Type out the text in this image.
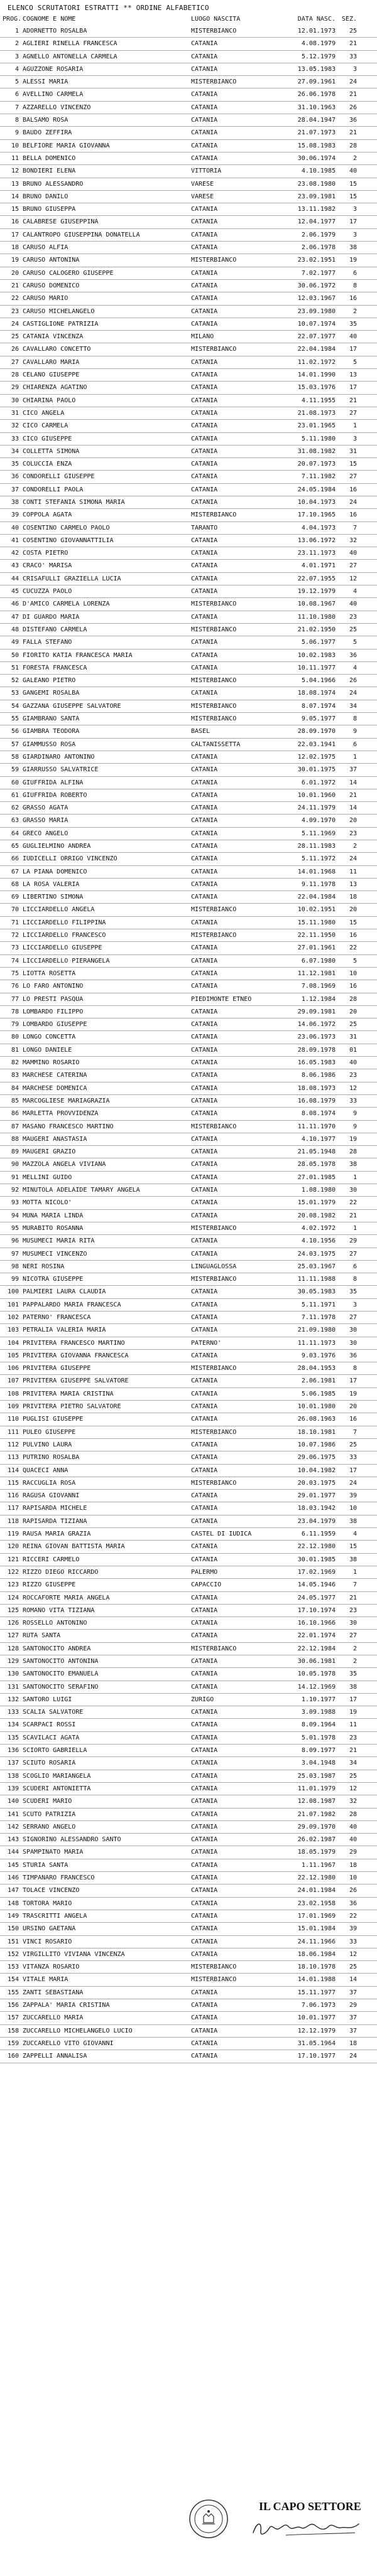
ELENCO SCRUTATORI ESTRATTI ** ORDINE ALFABETICO
PROG. COGNOME E NOME	LUOGO NASCITA	DATA NASC. SEZ.
1 ADORNETTO ROSALBA	MISTERBIANCO	12.01.1973	25
2 AGLIERI RINELLA FRANCESCA	CATANIA	4.08.1979	21
3 AGNELLO ANTONELLA CARMELA	CATANIA	5.12.1979	33
4 AGUZZONE ROSARIA	CATANIA	13.05.1983	3
5 ALESSI MARIA	MISTERBIANCO	27.09.1961	24
6 AVELLINO CARMELA	CATANIA	26.06.1978	21
7 AZZARELLO VINCENZO	CATANIA	31.10.1963	26
8 BALSAMO ROSA	CATANIA	28.04.1947	36
9 BAUDO ZEFFIRA	CATANIA	21.07.1973	21
10 BELFIORE MARIA GIOVANNA	CATANIA	15.08.1983	28
11 BELLA DOMENICO	CATANIA	30.06.1974	2
12 BONDIERI ELENA	VITTORIA	4.10.1985	40
13 BRUNO ALESSANDRO	VARESE	23.08.1980	15
14 BRUNO DANILO	VARESE	23.09.1981	15
15 BRUNO GIUSEPPA	CATANIA	13.11.1982	3
16 CALABRESE GIUSEPPINA	CATANIA	12.04.1977	17
17 CALANTROPO GIUSEPPINA DONATELLA	CATANIA	2.06.1979	3
18 CARUSO ALFIA	CATANIA	2.06.1978	38
19 CARUSO ANTONINA	MISTERBIANCO	23.02.1951	19
20 CARUSO CALOGERO GIUSEPPE	CATANIA	7.02.1977	6
21 CARUSO DOMENICO	CATANIA	30.06.1972	8
22 CARUSO MARIO	CATANIA	12.03.1967	16
23 CARUSO MICHELANGELO	CATANIA	23.09.1980	2
24 CASTIGLIONE PATRIZIA	CATANIA	10.07.1974	35
25 CATANIA VINCENZA	MILANO	22.07.1977	40
26 CAVALLARO CONCETTO	MISTERBIANCO	22.04.1984	17
27 CAVALLARO MARIA	CATANIA	11.02.1972	5
28 CELANO GIUSEPPE	CATANIA	14.01.1990	13
29 CHIARENZA AGATINO	CATANIA	15.03.1976	17
30 CHIARINA PAOLO	CATANIA	4.11.1955	21
31 CICO ANGELA	CATANIA	21.08.1973	27
32 CICO CARMELA	CATANIA	23.01.1965	1
33 CICO GIUSEPPE	CATANIA	5.11.1980	3
34 COLLETTA SIMONA	CATANIA	31.08.1982	31
35 COLUCCIA ENZA	CATANIA	20.07.1973	15
36 CONDORELLI GIUSEPPE	CATANIA	7.11.1982	27
37 CONDORELLI PAOLA	CATANIA	24.05.1984	16
38 CONTI STEFANIA SIMONA MARIA	CATANIA	10.04.1973	24
39 COPPOLA AGATA	MISTERBIANCO	17.10.1965	16
40 COSENTINO CARMELO PAOLO	TARANTO	4.04.1973	7
41 COSENTINO GIOVANNATTILIA	CATANIA	13.06.1972	32
42 COSTA PIETRO	CATANIA	23.11.1973	40
43 CRACO' MARISA	CATANIA	4.01.1971	27
44 CRISAFULLI GRAZIELLA LUCIA	CATANIA	22.07.1955	12
45 CUCUZZA PAOLO	CATANIA	19.12.1979	4
46 D'AMICO CARMELA LORENZA	MISTERBIANCO	10.08.1967	40
47 DI GUARDO MARIA	CATANIA	11.10.1980	23
48 DISTEFANO CARMELA	MISTERBIANCO	21.02.1950	25
49 FALLA STEFANO	CATANIA	5.06.1977	5
50 FIORITO KATIA FRANCESCA MARIA	CATANIA	10.02.1983	36
51 FORESTA FRANCESCA	CATANIA	10.11.1977	4
52 GALEANO PIETRO	MISTERBIANCO	5.04.1966	26
53 GANGEMI ROSALBA	CATANIA	18.08.1974	24
54 GAZZANA GIUSEPPE SALVATORE	MISTERBIANCO	8.07.1974	34
55 GIAMBRANO SANTA	MISTERBIANCO	9.05.1977	8
56 GIAMBRA TEODORA	BASEL	28.09.1970	9
57 GIAMMUSSO ROSA	CALTANISSETTA	22.03.1941	6
58 GIARDINARO ANTONINO	CATANIA	12.02.1975	1
59 GIARRUSSO SALVATRICE	CATANIA	30.01.1975	37
60 GIUFFRIDA ALFINA	CATANIA	6.01.1972	14
61 GIUFFRIDA ROBERTO	CATANIA	10.01.1960	21
62 GRASSO AGATA	CATANIA	24.11.1979	14
63 GRASSO MARIA	CATANIA	4.09.1970	20
64 GRECO ANGELO	CATANIA	5.11.1969	23
65 GUGLIELMINO ANDREA	CATANIA	28.11.1983	2
66 IUDICELLI ORRIGO VINCENZO	CATANIA	5.11.1972	24
67 LA PIANA DOMENICO	CATANIA	14.01.1968	11
68 LA ROSA VALERIA	CATANIA	9.11.1978	13
69 LIBERTINO SIMONA	CATANIA	22.04.1984	18
70 LICCIARDELLO ANGELA	MISTERBIANCO	10.02.1951	20
71 LICCIARDELLO FILIPPINA	CATANIA	15.11.1980	15
72 LICCIARDELLO FRANCESCO	MISTERBIANCO	22.11.1950	16
73 LICCIARDELLO GIUSEPPE	CATANIA	27.01.1961	22
74 LICCIARDELLO PIERANGELA	CATANIA	6.07.1980	5
75 LIOTTA ROSETTA	CATANIA	11.12.1981	10
76 LO FARO ANTONINO	CATANIA	7.08.1969	16
77 LO PRESTI PASQUA	PIEDIMONTE ETNEO	1.12.1984	28
78 LOMBARDO FILIPPO	CATANIA	29.09.1981	20
79 LOMBARDO GIUSEPPE	CATANIA	14.06.1972	25
80 LONGO CONCETTA	CATANIA	23.06.1973	31
81 LONGO DANIELE	CATANIA	28.09.1978	01
82 MAMMINO ROSARIO	CATANIA	16.05.1983	40
83 MARCHESE CATERINA	CATANIA	8.06.1986	23
84 MARCHESE DOMENICA	CATANIA	18.08.1973	12
85 MARCOGLIESE MARIAGRAZIA	CATANIA	16.08.1979	33
86 MARLETTA PROVVIDENZA	CATANIA	8.08.1974	9
87 MASANO FRANCESCO MARTINO	MISTERBIANCO	11.11.1970	9
88 MAUGERI ANASTASIA	CATANIA	4.10.1977	19
89 MAUGERI GRAZIO	CATANIA	21.05.1948	28
90 MAZZOLA ANGELA VIVIANA	CATANIA	28.05.1978	38
91 MELLINI GUIDO	CATANIA	27.01.1985	1
92 MINUTOLA ADELAIDE TAMARY ANGELA	CATANIA	1.08.1980	30
93 MOTTA NICOLO'	CATANIA	15.01.1979	22
94 MUNA MARIA LINDA	CATANIA	20.08.1982	21
95 MURABITO ROSANNA	MISTERBIANCO	4.02.1972	1
96 MUSUMECI MARIA RITA	CATANIA	4.10.1956	29
97 MUSUMECI VINCENZO	CATANIA	24.03.1975	27
98 NERI ROSINA	LINGUAGLOSSA	25.03.1967	6
99 NICOTRA GIUSEPPE	MISTERBIANCO	11.11.1988	8
100 PALMIERI LAURA CLAUDIA	CATANIA	30.05.1983	35
101 PAPPALARDO MARIA FRANCESCA	CATANIA	5.11.1971	3
102 PATERNO' FRANCESCA	CATANIA	7.11.1978	27
103 PETRALIA VALERIA MARIA	CATANIA	21.09.1980	30
104 PRIVITERA FRANCESCO MARTINO	PATERNO'	11.11.1973	30
105 PRIVITERA GIOVANNA FRANCESCA	CATANIA	9.03.1976	36
106 PRIVITERA GIUSEPPE	MISTERBIANCO	28.04.1953	8
107 PRIVITERA GIUSEPPE SALVATORE	CATANIA	2.06.1981	17
108 PRIVITERA MARIA CRISTINA	CATANIA	5.06.1985	19
109 PRIVITERA PIETRO SALVATORE	CATANIA	10.01.1980	20
110 PUGLISI GIUSEPPE	CATANIA	26.08.1963	16
111 PULEO GIUSEPPE	MISTERBIANCO	18.10.1981	7
112 PULVINO LAURA	CATANIA	10.07.1986	25
113 PUTRINO ROSALBA	CATANIA	29.06.1975	33
114 QUACECI ANNA	CATANIA	10.04.1982	17
115 RACCUGLIA ROSA	MISTERBIANCO	20.03.1975	24
116 RAGUSA GIOVANNI	CATANIA	29.01.1977	39
117 RAPISARDA MICHELE	CATANIA	18.03.1942	10
118 RAPISARDA TIZIANA	CATANIA	23.04.1979	38
119 RAUSA MARIA GRAZIA	CASTEL DI IUDICA	6.11.1959	4
120 REINA GIOVAN BATTISTA MARIA	CATANIA	22.12.1980	15
121 RICCERI CARMELO	CATANIA	30.01.1985	38
122 RIZZO DIEGO RICCARDO	PALERMO	17.02.1969	1
123 RIZZO GIUSEPPE	CAPACCIO	14.05.1946	7
124 ROCCAFORTE MARIA ANGELA	CATANIA	24.05.1977	21
125 ROMANO VITA TIZIANA	CATANIA	17.10.1974	23
126 ROSSELLO ANTONINO	CATANIA	16.10.1966	30
127 RUTA SANTA	CATANIA	22.01.1974	27
128 SANTONOCITO ANDREA	MISTERBIANCO	22.12.1984	2
129 SANTONOCITO ANTONINA	CATANIA	30.06.1981	2
130 SANTONOCITO EMANUELA	CATANIA	10.05.1978	35
131 SANTONOCITO SERAFINO	CATANIA	14.12.1969	38
132 SANTORO LUIGI	ZURIGO	1.10.1977	17
133 SCALIA SALVATORE	CATANIA	3.09.1988	19
134 SCARPACI ROSSI	CATANIA	8.09.1964	11
135 SCAVILACI AGATA	CATANIA	5.01.1978	23
136 SCIORTO GABRIELLA	CATANIA	8.09.1977	21
137 SCIUTO ROSARIA	CATANIA	3.04.1948	34
138 SCOGLIO MARIANGELA	CATANIA	25.03.1987	25
139 SCUDERI ANTONIETTA	CATANIA	11.01.1979	12
140 SCUDERI MARIO	CATANIA	12.08.1987	32
141 SCUTO PATRIZIA	CATANIA	21.07.1982	28
142 SERRANO ANGELO	CATANIA	29.09.1970	40
143 SIGNORINO ALESSANDRO SANTO	CATANIA	26.02.1987	40
144 SPAMPINATO MARIA	CATANIA	18.05.1979	29
145 STURIA SANTA	CATANIA	1.11.1967	18
146 TIMPANARO FRANCESCO	CATANIA	22.12.1980	10
147 TOLACE VINCENZO	CATANIA	24.01.1984	26
148 TORTORA MARIO	CATANIA	23.02.1958	36
149 TRASCRITTI ANGELA	CATANIA	17.01.1969	22
150 URSINO GAETANA	CATANIA	15.01.1984	39
151 VINCI ROSARIO	CATANIA	24.11.1966	33
152 VIRGILLITO VIVIANA VINCENZA	CATANIA	18.06.1984	12
153 VITANZA ROSARIO	MISTERBIANCO	18.10.1978	25
154 VITALE MARIA	MISTERBIANCO	14.01.1988	14
155 ZANTI SEBASTIANA	CATANIA	15.11.1977	37
156 ZAPPALA' MARIA CRISTINA	CATANIA	7.06.1973	29
157 ZUCCARELLO MARIA	CATANIA	10.01.1977	37
158 ZUCCARELLO MICHELANGELO LUCIO	CATANIA	12.12.1979	37
159 ZUCCARELLO VITO GIOVANNI	CATANIA	31.05.1964	18
160 ZAPPELLI ANNALISA	CATANIA	17.10.1977	24
IL CAPO SETTORE
